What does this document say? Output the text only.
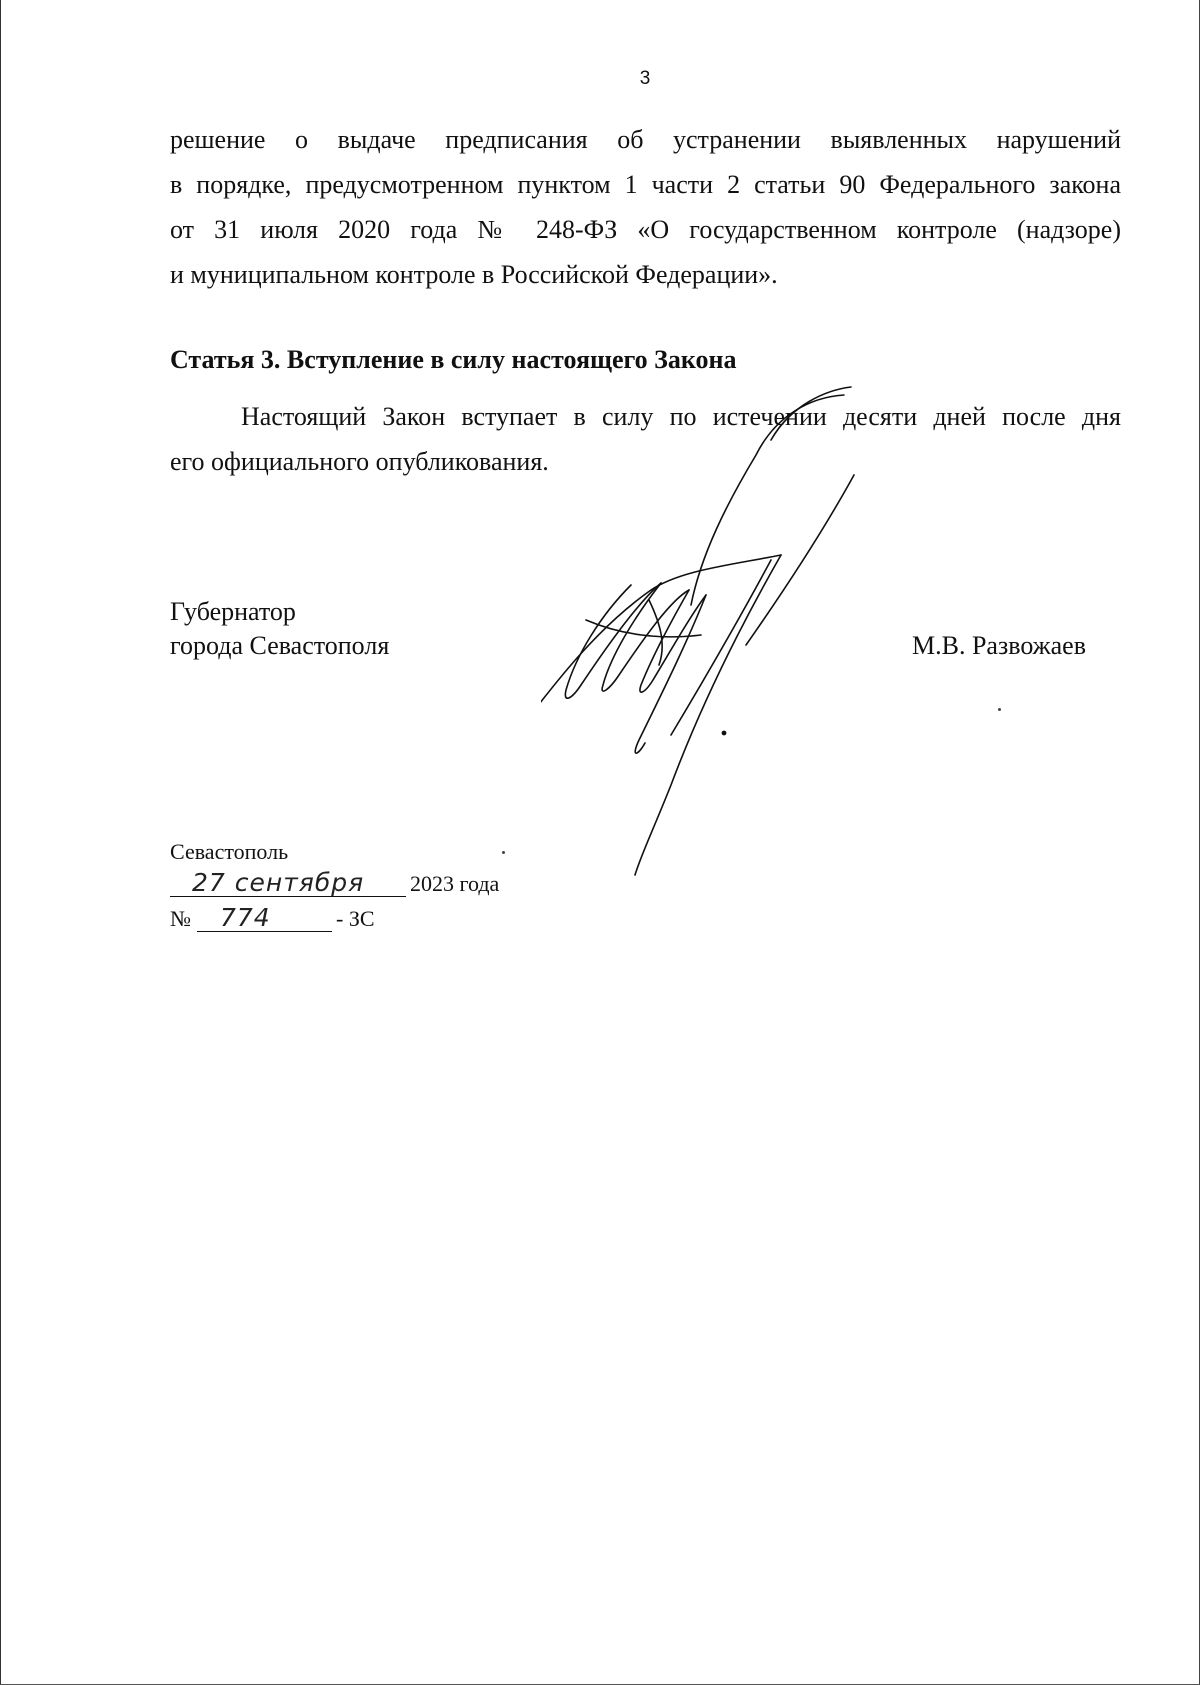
3
решение о выдаче предписания об устранении выявленных нарушений
в порядке, предусмотренном пунктом 1 части 2 статьи 90 Федерального закона
от 31 июля 2020 года № 248-ФЗ «О государственном контроле (надзоре)
и муниципальном контроле в Российской Федерации».
Статья 3. Вступление в силу настоящего Закона
Настоящий Закон вступает в силу по истечении десяти дней после дня
его официального опубликования.
Губернатор
города Севастополя	М.В. Развожаев
Севастополь
27 сентября 2023 года
№ 774	- ЗС
